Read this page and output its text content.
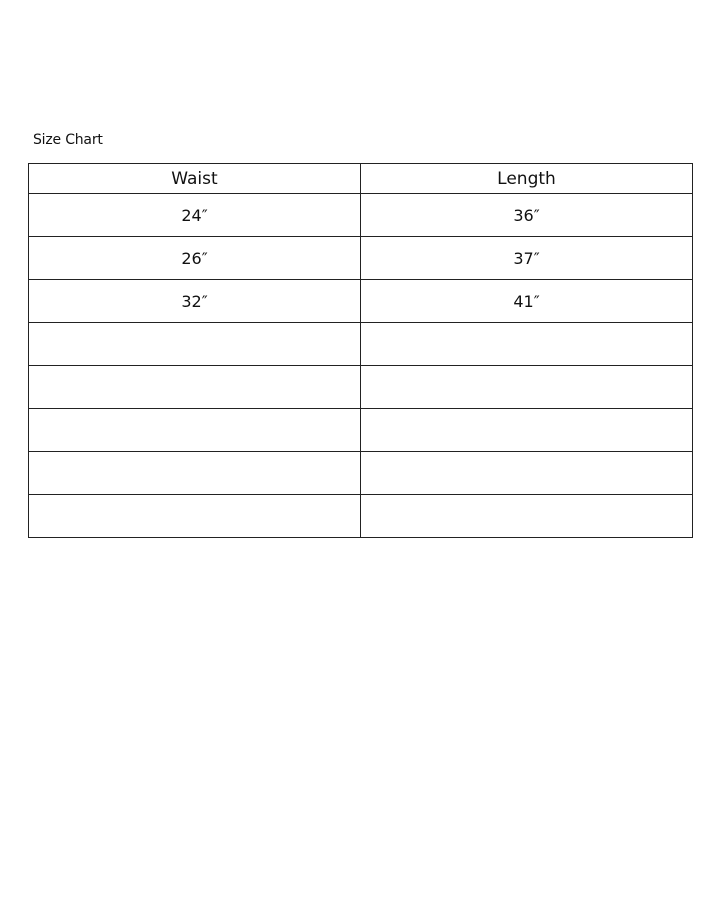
Size Chart
Waist	Length
24″	36″
26″	37″
32″	41″
